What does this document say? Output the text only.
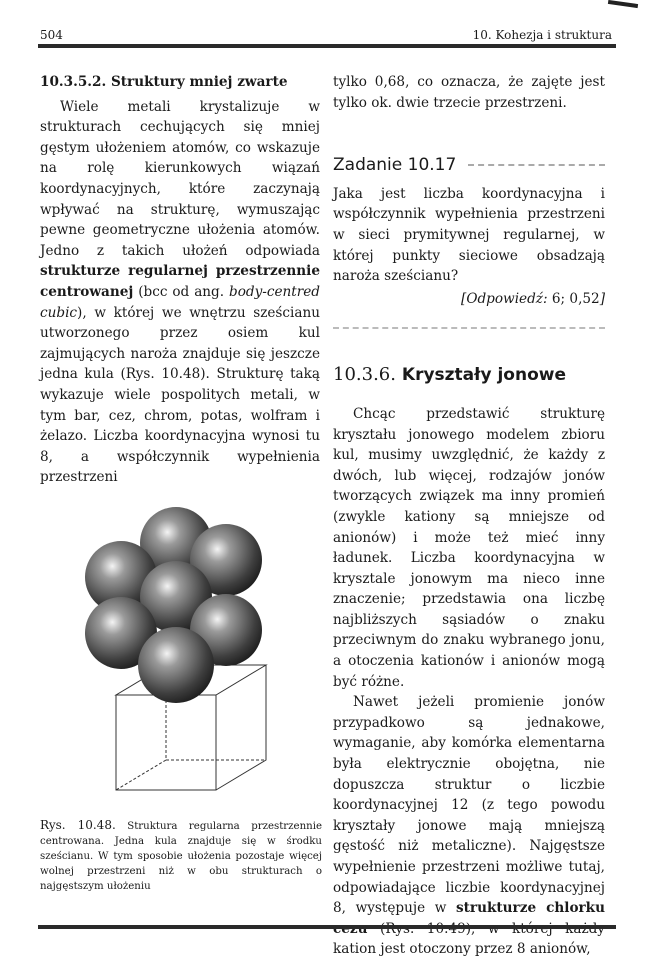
504	10. Kohezja i struktura
10.3.5.2. Struktury mniej zwarte

Wiele metali krystalizuje w strukturach cechujących się mniej gęstym ułożeniem atomów, co wskazuje na rolę kierunkowych wiązań koordynacyjnych, które zaczynają wpływać na strukturę, wymuszając pewne geometryczne ułożenia atomów. Jedno z takich ułożeń odpowiada strukturze regularnej przestrzennie centrowanej (bcc od ang. body-centred cubic), w której we wnętrzu sześcianu utworzonego przez osiem kul zajmujących naroża znajduje się jeszcze jedna kula (Rys. 10.48). Strukturę taką wykazuje wiele pospolitych metali, w tym bar, cez, chrom, potas, wolfram i żelazo. Liczba koordynacyjna wynosi tu 8, a współczynnik wypełnienia przestrzeni

Rys. 10.48. Struktura regularna przestrzennie centrowana. Jedna kula znajduje się w środku sześcianu. W tym sposobie ułożenia pozostaje więcej wolnej przestrzeni niż w obu strukturach o najgęstszym ułożeniu

tylko 0,68, co oznacza, że zajęte jest tylko ok. dwie trzecie przestrzeni.

Zadanie 10.17

Jaka jest liczba koordynacyjna i współczynnik wypełnienia przestrzeni w sieci prymitywnej regularnej, w której punkty sieciowe obsadzają naroża sześcianu?

[Odpowiedź: 6; 0,52]
10.3.6. Kryształy jonowe

Chcąc przedstawić strukturę kryształu jonowego modelem zbioru kul, musimy uwzględnić, że każdy z dwóch, lub więcej, rodzajów jonów tworzących związek ma inny promień (zwykle kationy są mniejsze od anionów) i może też mieć inny ładunek. Liczba koordynacyjna w krysztale jonowym ma nieco inne znaczenie; przedstawia ona liczbę najbliższych sąsiadów o znaku przeciwnym do znaku wybranego jonu, a otoczenia kationów i anionów mogą być różne.

Nawet jeżeli promienie jonów przypadkowo są jednakowe, wymaganie, aby komórka elementarna była elektrycznie obojętna, nie dopuszcza struktur o liczbie koordynacyjnej 12 (z tego powodu kryształy jonowe mają mniejszą gęstość niż metaliczne). Najgęstsze wypełnienie przestrzeni możliwe tutaj, odpowiadające liczbie koordynacyjnej 8, występuje w strukturze chlorku kation jest otoczony przez 8 anionów,
